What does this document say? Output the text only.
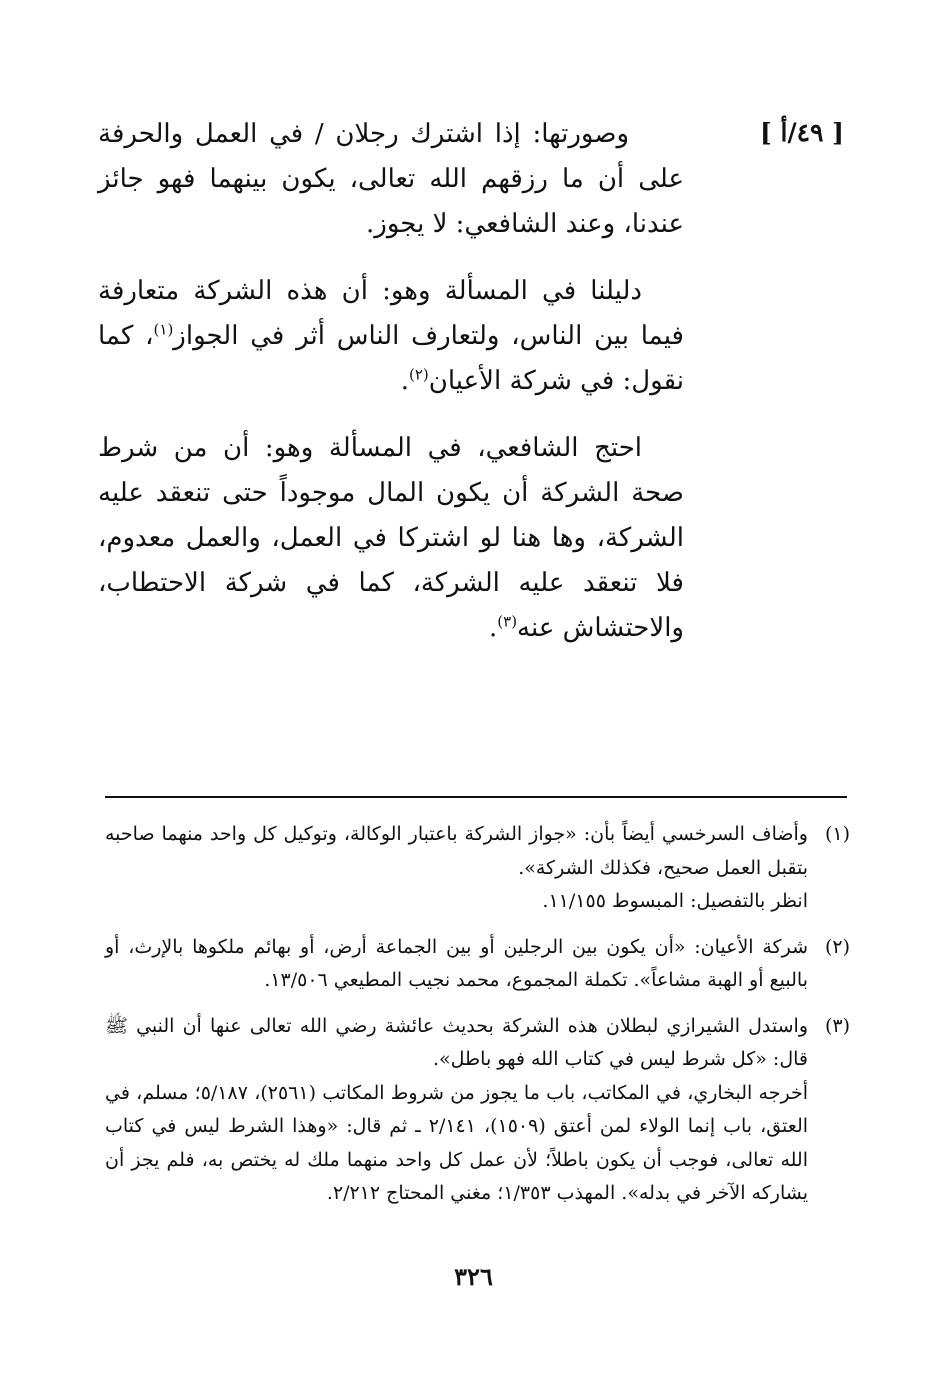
[ ٤٩/أ ]

وصورتها: إذا اشترك رجلان / في العمل والحرفة على أن ما رزقهم الله تعالى، يكون بينهما فهو جائز عندنا، وعند الشافعي: لا يجوز.

دليلنا في المسألة وهو: أن هذه الشركة متعارفة فيما بين الناس، ولتعارف الناس أثر في الجواز$^{(١)}$، كما نقول: في شركة الأعيان$^{(٢)}$.

احتج الشافعي، في المسألة وهو: أن من شرط صحة الشركة أن يكون المال موجوداً حتى تنعقد عليه الشركة، وها هنا لو اشتركا في العمل، والعمل معدوم، فلا تنعقد عليه الشركة، كما في شركة الاحتطاب، والاحتشاش عنه$^{(٣)}$.

(١)

وأضاف السرخسي أيضاً بأن: «جواز الشركة باعتبار الوكالة، وتوكيل كل واحد منهما صاحبه بتقبل العمل صحيح، فكذلك الشركة».

انظر بالتفصيل: المبسوط ١١/١٥٥.

(٢)

شركة الأعيان: «أن يكون بين الرجلين أو بين الجماعة أرض، أو بهائم ملكوها بالإرث، أو بالبيع أو الهبة مشاعاً». تكملة المجموع، محمد نجيب المطيعي ١٣/٥٠٦.

(٣)

واستدل الشيرازي لبطلان هذه الشركة بحديث عائشة رضي الله تعالى عنها أن النبي ﷺ قال: «كل شرط ليس في كتاب الله فهو باطل».

أخرجه البخاري، في المكاتب، باب ما يجوز من شروط المكاتب (٢٥٦١)، ٥/١٨٧؛ مسلم، في العتق، باب إنما الولاء لمن أعتق (١٥٠٩)، ٢/١٤١ ـ ثم قال: «وهذا الشرط ليس في كتاب الله تعالى، فوجب أن يكون باطلاً؛ لأن عمل كل واحد منهما ملك له يختص به، فلم يجز أن يشاركه الآخر في بدله». المهذب ١/٣٥٣؛ مغني المحتاج ٢/٢١٢.

٣٢٦
